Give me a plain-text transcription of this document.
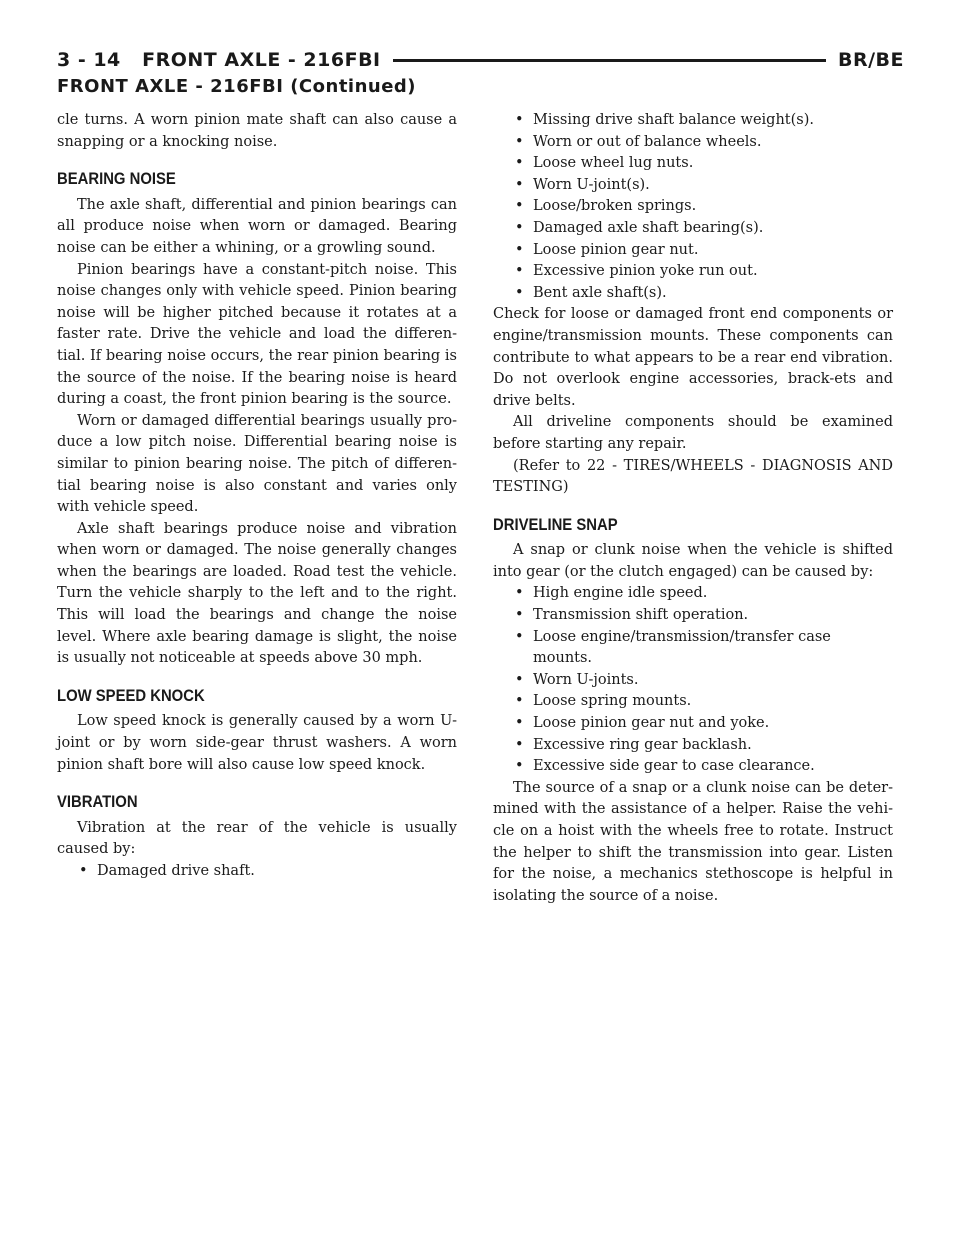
3 - 14 FRONT AXLE - 216FBI	BR/BE
FRONT AXLE - 216FBI (Continued)

cle turns. A worn pinion mate shaft can also cause a snapping or a knocking noise.

BEARING NOISE

The axle shaft, differential and pinion bearings can all produce noise when worn or damaged. Bearing noise can be either a whining, or a growling sound.

Pinion bearings have a constant-pitch noise. This noise changes only with vehicle speed. Pinion bearing noise will be higher pitched because it rotates at a faster rate. Drive the vehicle and load the differen-tial. If bearing noise occurs, the rear pinion bearing is the source of the noise. If the bearing noise is heard during a coast, the front pinion bearing is the source.

Worn or damaged differential bearings usually pro-duce a low pitch noise. Differential bearing noise is similar to pinion bearing noise. The pitch of differen-tial bearing noise is also constant and varies only with vehicle speed.

Axle shaft bearings produce noise and vibration when worn or damaged. The noise generally changes when the bearings are loaded. Road test the vehicle. Turn the vehicle sharply to the left and to the right. This will load the bearings and change the noise level. Where axle bearing damage is slight, the noise is usually not noticeable at speeds above 30 mph.

LOW SPEED KNOCK

Low speed knock is generally caused by a worn U-joint or by worn side-gear thrust washers. A worn pinion shaft bore will also cause low speed knock.

VIBRATION

Vibration at the rear of the vehicle is usually caused by:

• Damaged drive shaft.
• Missing drive shaft balance weight(s).
• Worn or out of balance wheels.
• Loose wheel lug nuts.
• Worn U-joint(s).
• Loose/broken springs.
• Damaged axle shaft bearing(s).
• Loose pinion gear nut.
• Excessive pinion yoke run out.
• Bent axle shaft(s).

Check for loose or damaged front end components or engine/transmission mounts. These components can contribute to what appears to be a rear end vibration. Do not overlook engine accessories, brack-ets and drive belts.

All driveline components should be examined before starting any repair.

(Refer to 22 - TIRES/WHEELS - DIAGNOSIS AND TESTING)

DRIVELINE SNAP

A snap or clunk noise when the vehicle is shifted into gear (or the clutch engaged) can be caused by:

• High engine idle speed.
• Transmission shift operation.
• Loose engine/transmission/transfer case mounts.
• Worn U-joints.
• Loose spring mounts.
• Loose pinion gear nut and yoke.
• Excessive ring gear backlash.
• Excessive side gear to case clearance.

The source of a snap or a clunk noise can be deter-mined with the assistance of a helper. Raise the vehi-cle on a hoist with the wheels free to rotate. Instruct the helper to shift the transmission into gear. Listen for the noise, a mechanics stethoscope is helpful in isolating the source of a noise.
